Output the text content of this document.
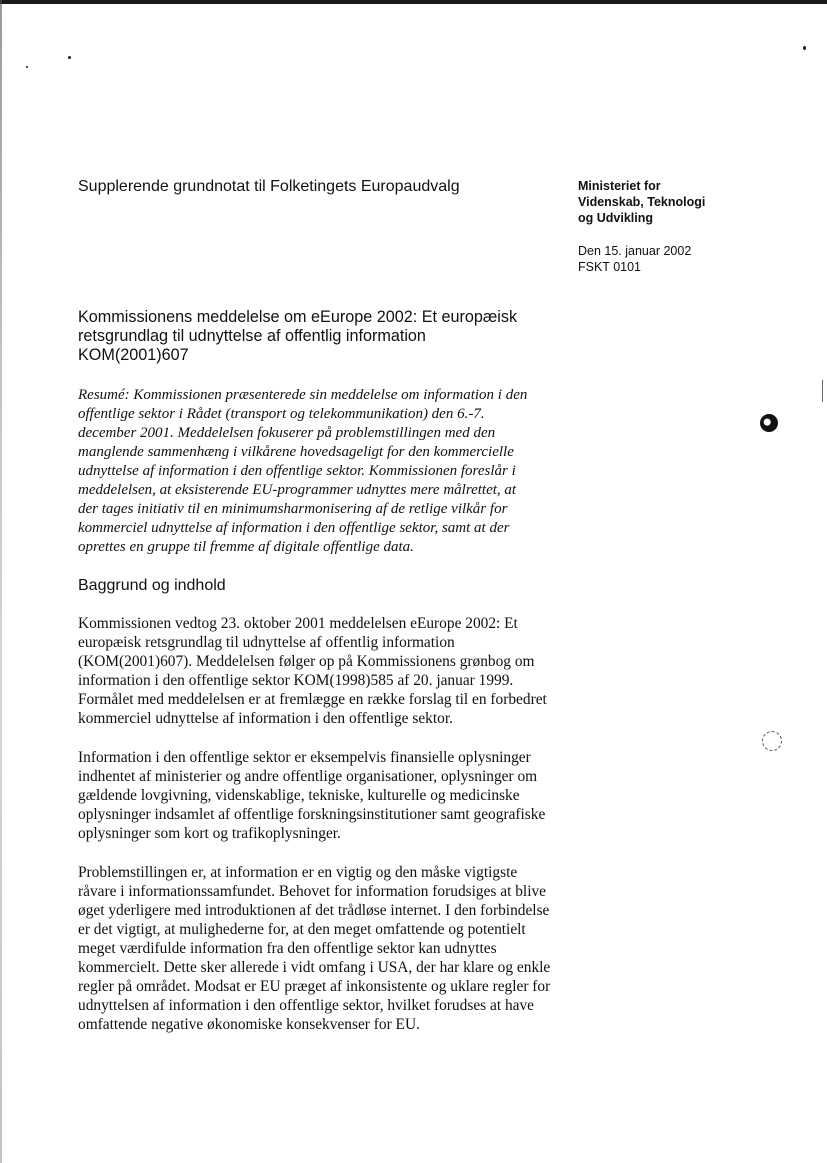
Supplerende grundnotat til Folketingets Europaudvalg	Ministeriet for
Videnskab, Teknologi
og Udvikling
Den 15. januar 2002
FSKT 0101
Kommissionens meddelelse om eEurope 2002: Et europæisk
retsgrundlag til udnyttelse af offentlig information
KOM(2001)607
Resumé: Kommissionen præsenterede sin meddelelse om information i den
offentlige sektor i Rådet (transport og telekommunikation) den 6.-7.
december 2001. Meddelelsen fokuserer på problemstillingen med den
manglende sammenhæng i vilkårene hovedsageligt for den kommercielle
udnyttelse af information i den offentlige sektor. Kommissionen foreslår i
meddelelsen, at eksisterende EU-programmer udnyttes mere målrettet, at
der tages initiativ til en minimumsharmonisering af de retlige vilkår for
kommerciel udnyttelse af information i den offentlige sektor, samt at der
oprettes en gruppe til fremme af digitale offentlige data.
Baggrund og indhold
Kommissionen vedtog 23. oktober 2001 meddelelsen eEurope 2002: Et
europæisk retsgrundlag til udnyttelse af offentlig information
(KOM(2001)607). Meddelelsen følger op på Kommissionens grønbog om
information i den offentlige sektor KOM(1998)585 af 20. januar 1999.
Formålet med meddelelsen er at fremlægge en række forslag til en forbedret
kommerciel udnyttelse af information i den offentlige sektor.
Information i den offentlige sektor er eksempelvis finansielle oplysninger
indhentet af ministerier og andre offentlige organisationer, oplysninger om
gældende lovgivning, videnskablige, tekniske, kulturelle og medicinske
oplysninger indsamlet af offentlige forskningsinstitutioner samt geografiske
oplysninger som kort og trafikoplysninger.
Problemstillingen er, at information er en vigtig og den måske vigtigste
råvare i informationssamfundet. Behovet for information forudsiges at blive
øget yderligere med introduktionen af det trådløse internet. I den forbindelse
er det vigtigt, at mulighederne for, at den meget omfattende og potentielt
meget værdifulde information fra den offentlige sektor kan udnyttes
kommercielt. Dette sker allerede i vidt omfang i USA, der har klare og enkle
regler på området. Modsat er EU præget af inkonsistente og uklare regler for
udnyttelsen af information i den offentlige sektor, hvilket forudses at have
omfattende negative økonomiske konsekvenser for EU.
